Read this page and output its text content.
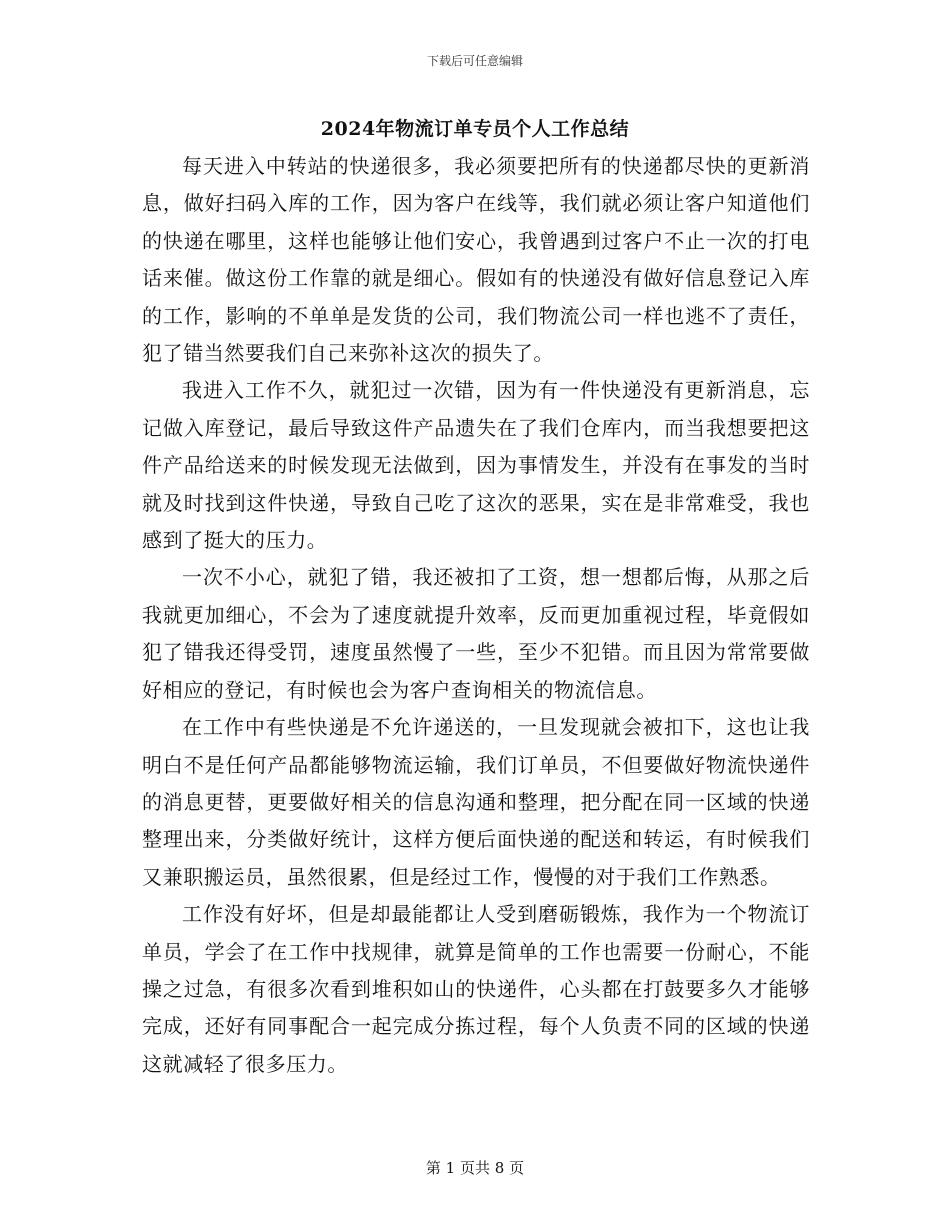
下载后可任意编辑
2024年物流订单专员个人工作总结

每天进入中转站的快递很多，我必须要把所有的快递都尽快的更新消息，做好扫码入库的工作，因为客户在线等，我们就必须让客户知道他们的快递在哪里，这样也能够让他们安心，我曾遇到过客户不止一次的打电话来催。做这份工作靠的就是细心。假如有的快递没有做好信息登记入库的工作，影响的不单单是发货的公司，我们物流公司一样也逃不了责任，犯了错当然要我们自己来弥补这次的损失了。

我进入工作不久，就犯过一次错，因为有一件快递没有更新消息，忘记做入库登记，最后导致这件产品遗失在了我们仓库内，而当我想要把这件产品给送来的时候发现无法做到，因为事情发生，并没有在事发的当时就及时找到这件快递，导致自己吃了这次的恶果，实在是非常难受，我也感到了挺大的压力。

一次不小心，就犯了错，我还被扣了工资，想一想都后悔，从那之后我就更加细心，不会为了速度就提升效率，反而更加重视过程，毕竟假如犯了错我还得受罚，速度虽然慢了一些，至少不犯错。而且因为常常要做好相应的登记，有时候也会为客户查询相关的物流信息。

在工作中有些快递是不允许递送的，一旦发现就会被扣下，这也让我明白不是任何产品都能够物流运输，我们订单员，不但要做好物流快递件的消息更替，更要做好相关的信息沟通和整理，把分配在同一区域的快递整理出来，分类做好统计，这样方便后面快递的配送和转运，有时候我们又兼职搬运员，虽然很累，但是经过工作，慢慢的对于我们工作熟悉。

工作没有好坏，但是却最能都让人受到磨砺锻炼，我作为一个物流订单员，学会了在工作中找规律，就算是简单的工作也需要一份耐心，不能操之过急，有很多次看到堆积如山的快递件，心头都在打鼓要多久才能够完成，还好有同事配合一起完成分拣过程，每个人负责不同的区域的快递这就减轻了很多压力。

第 1 页共 8 页
